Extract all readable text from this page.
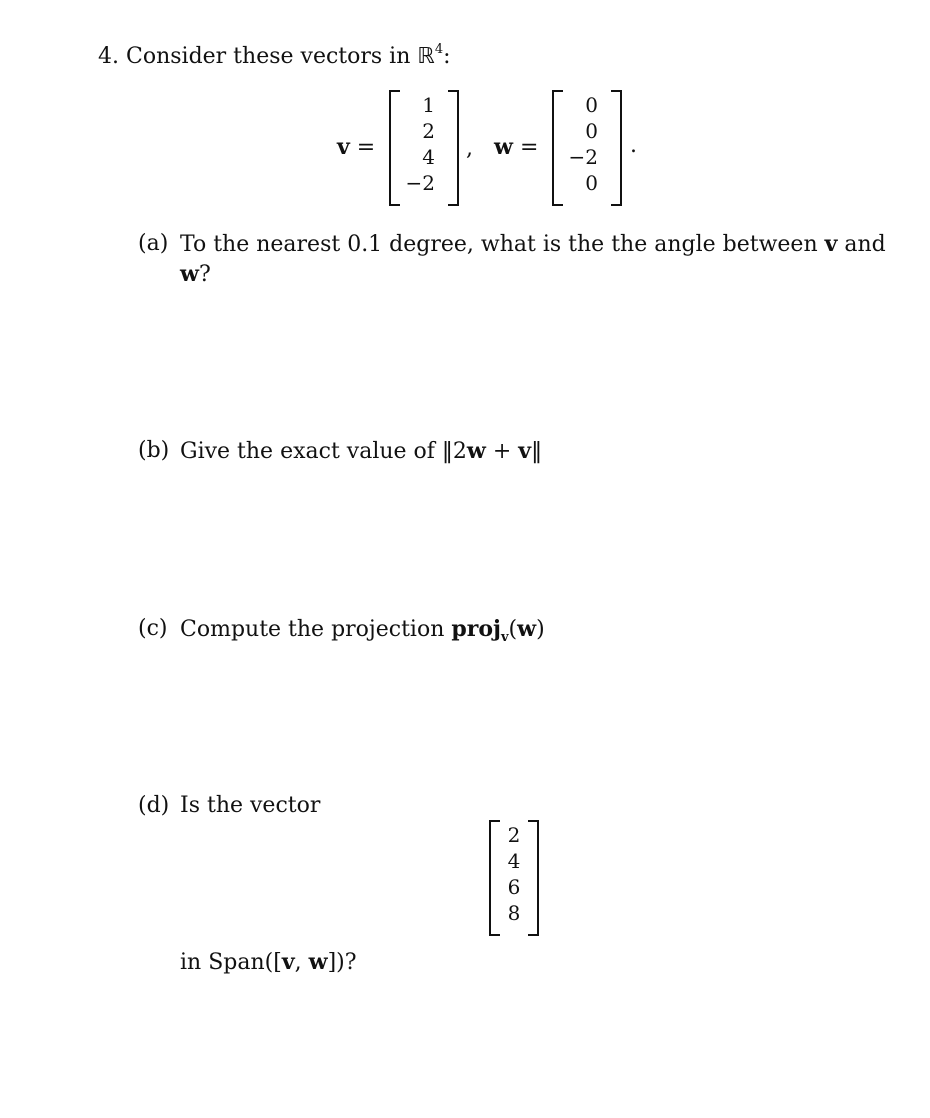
4. Consider these vectors in ℝ$^4$:
v =
1
2
4
−2
, w =
0
0
−2
0
.
(a) To the nearest 0.1 degree, what is the the angle between v and
w?
(b) Give the exact value of ‖2w + v‖
(c) Compute the projection proj$_v$(w)
(d) Is the vector
2
4
6
8
in Span([v, w])?
